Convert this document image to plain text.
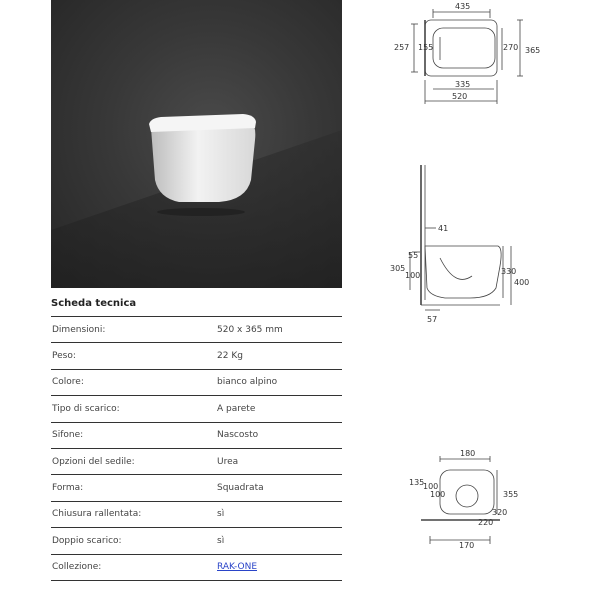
Scheda tecnica
Dimensioni:	520 x 365 mm
Peso:	22 Kg
Colore:	bianco alpino
Tipo di scarico:	A parete
Sifone:	Nascosto
Opzioni del sedile:	Urea
Forma:	Squadrata
Chiusura rallentata:	sì
Doppio scarico:	sì
Collezione:	RAK-ONE
435
257 155	270 365
335
520
41
55
305
100	330
400
57
180
135
100
100	355
320
220
170
